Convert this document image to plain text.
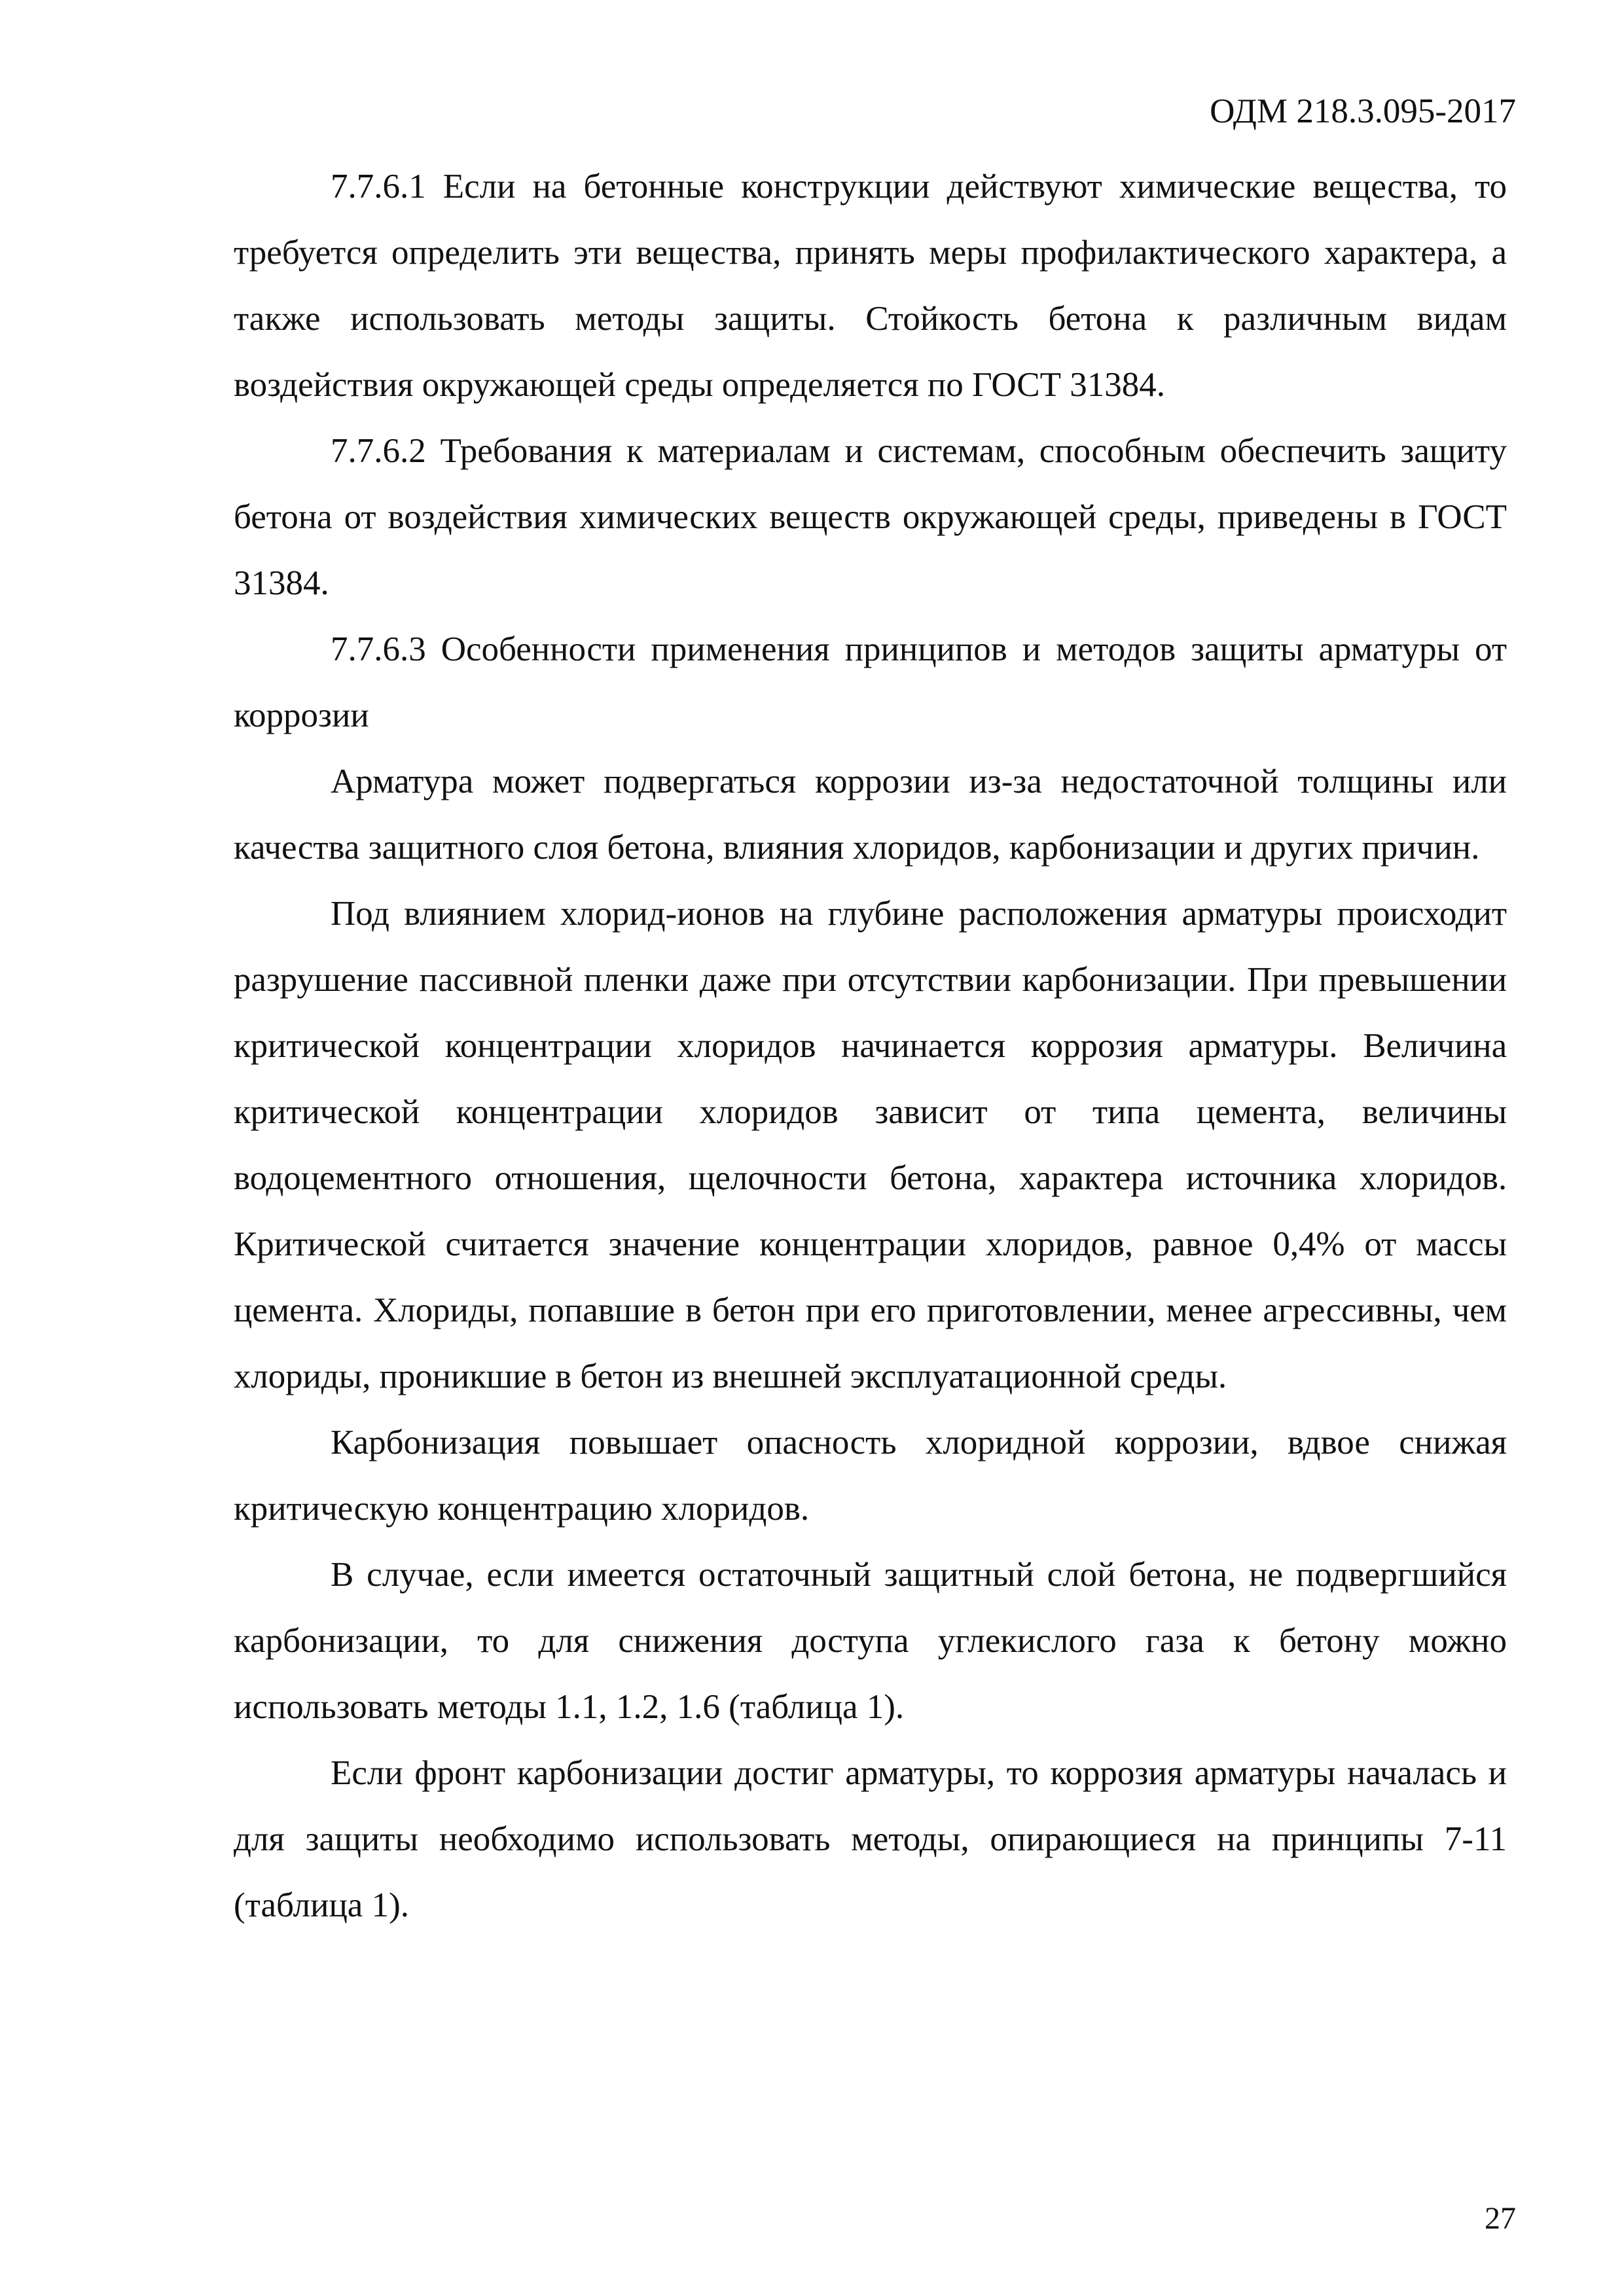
ОДМ 218.3.095-2017

7.7.6.1 Если на бетонные конструкции действуют химические вещества, то требуется определить эти вещества, принять меры профилактического характера, а также использовать методы защиты. Стойкость бетона к различным видам воздействия окружающей среды определяется по ГОСТ 31384.

7.7.6.2 Требования к материалам и системам, способным обеспечить защиту бетона от воздействия химических веществ окружающей среды, приведены в ГОСТ 31384.

7.7.6.3 Особенности применения принципов и методов защиты арматуры от коррозии

Арматура может подвергаться коррозии из-за недостаточной толщины или качества защитного слоя бетона, влияния хлоридов, карбонизации и других причин.

Под влиянием хлорид-ионов на глубине расположения арматуры происходит разрушение пассивной пленки даже при отсутствии карбонизации. При превышении критической концентрации хлоридов начинается коррозия арматуры. Величина критической концентрации хлоридов зависит от типа цемента, величины водоцементного отношения, щелочности бетона, характера источника хлоридов. Критической считается значение концентрации хлоридов, равное 0,4% от массы цемента. Хлориды, попавшие в бетон при его приготовлении, менее агрессивны, чем хлориды, проникшие в бетон из внешней эксплуатационной среды.

Карбонизация повышает опасность хлоридной коррозии, вдвое снижая критическую концентрацию хлоридов.

В случае, если имеется остаточный защитный слой бетона, не подвергшийся карбонизации, то для снижения доступа углекислого газа к бетону можно использовать методы 1.1, 1.2, 1.6 (таблица 1).

Если фронт карбонизации достиг арматуры, то коррозия арматуры началась и для защиты необходимо использовать методы, опирающиеся на принципы 7-11 (таблица 1).

27
